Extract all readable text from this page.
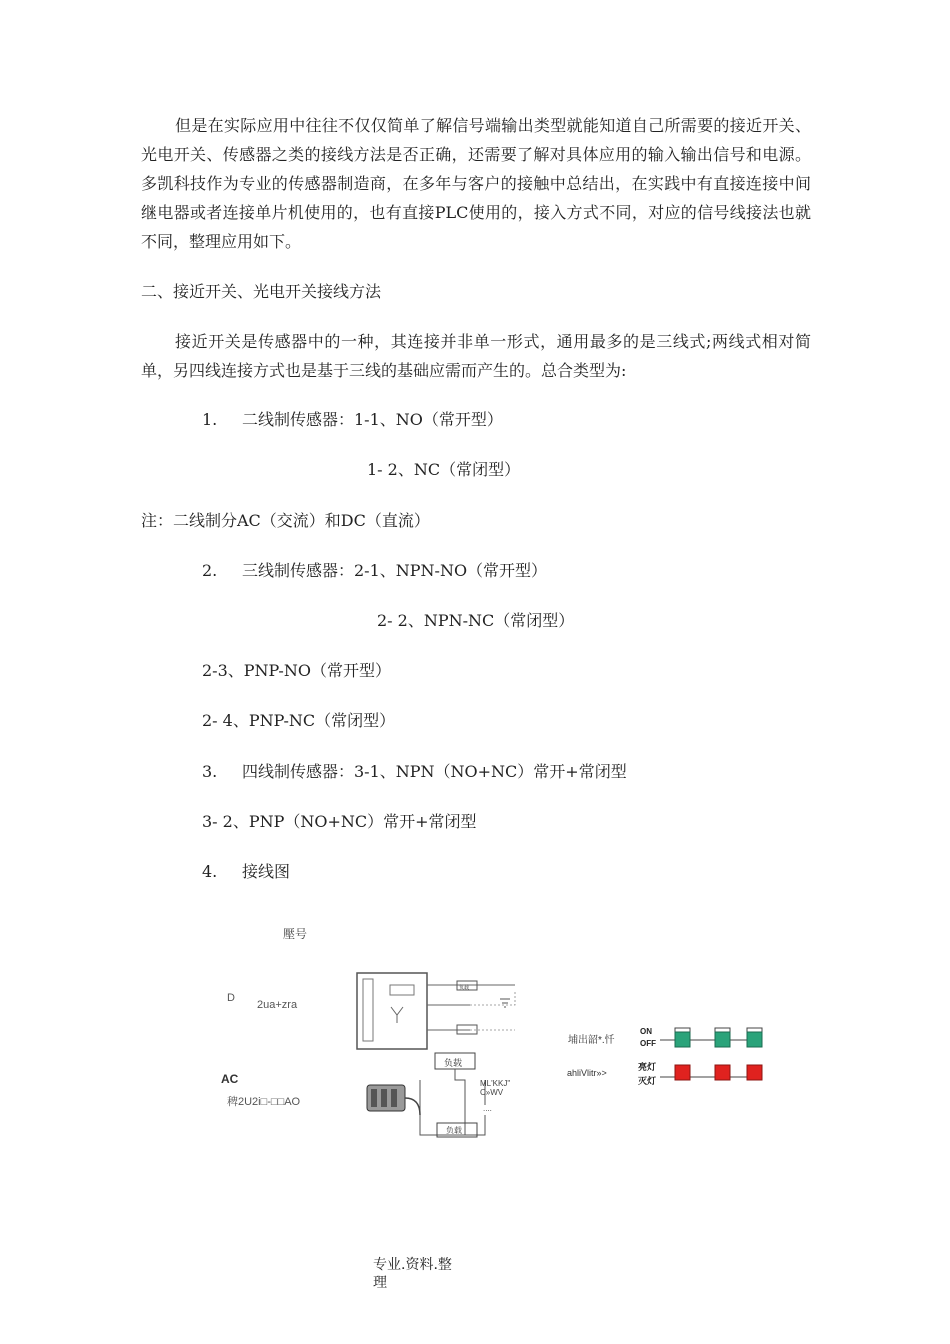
但是在实际应用中往往不仅仅简单了解信号端输出类型就能知道自己所需要的接近开关、光电开关、传感器之类的接线方法是否正确，还需要了解对具体应用的输入输出信号和电源。多凯科技作为专业的传感器制造商，在多年与客户的接触中总结出，在实践中有直接连接中间继电器或者连接单片机使用的，也有直接PLC使用的，接入方式不同，对应的信号线接法也就不同，整理应用如下。

二、接近开关、光电开关接线方法

接近开关是传感器中的一种，其连接并非单一形式，通用最多的是三线式;两线式相对简单，另四线连接方式也是基于三线的基础应需而产生的。总合类型为:

1. 二线制传感器：1-1、NO（常开型）

1- 2、NC（常闭型）

注：二线制分AC（交流）和DC（直流）

2. 三线制传感器：2-1、NPN-NO（常开型）

2- 2、NPN-NC（常闭型）

2-3、PNP-NO（常开型）

2- 4、PNP-NC（常闭型）

3. 四线制传感器：3-1、NPN（NO+NC）常开+常闭型

3- 2、PNP（NO+NC）常开+常闭型

4. 接线图
壓号
D
2ua+zra
AC
稗2U2i□-□□AO
负载
负载
负载
ML'KKJ"
C»WV
....
埔出韶*.忏
ahliVlitr»>
ON
OFF
亮灯
灭灯
专业.资料.整理
